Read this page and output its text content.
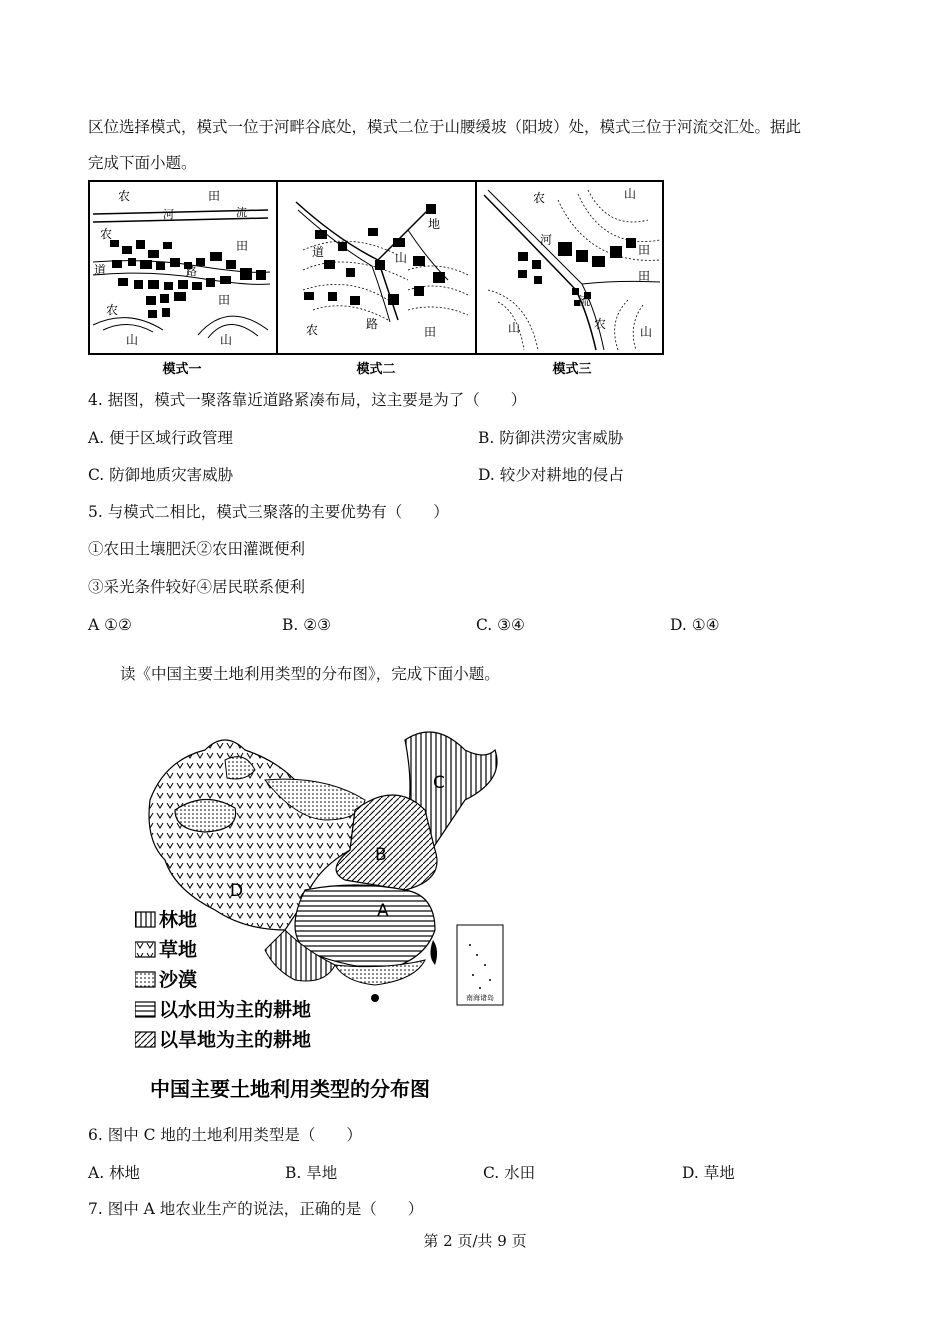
区位选择模式，模式一位于河畔谷底处，模式二位于山腰缓坡（阳坡）处，模式三位于河流交汇处。据此
完成下面小题。
农	田
河	流
农
田
道	路
田
农
山	山
道	山
地
农	路
田
农	山
河
田
田
流
山	农
山
模式一	模式二	模式三
4. 据图，模式一聚落靠近道路紧凑布局，这主要是为了（　　）
A. 便于区域行政管理	B. 防御洪涝灾害威胁
C. 防御地质灾害威胁	D. 较少对耕地的侵占
5. 与模式二相比，模式三聚落的主要优势有（　　）
①农田土壤肥沃②农田灌溉便利
③采光条件较好④居民联系便利
A ①②	B. ②③	C. ③④	D. ①④
读《中国主要土地利用类型的分布图》，完成下面小题。
南海诸岛
C
B
A
D
林地
草地
沙漠
以水田为主的耕地
以旱地为主的耕地
中国主要土地利用类型的分布图
6. 图中 C 地的土地利用类型是（　　）
A. 林地	B. 旱地	C. 水田	D. 草地
7. 图中 A 地农业生产的说法，正确的是（　　）
第 2 页/共 9 页
